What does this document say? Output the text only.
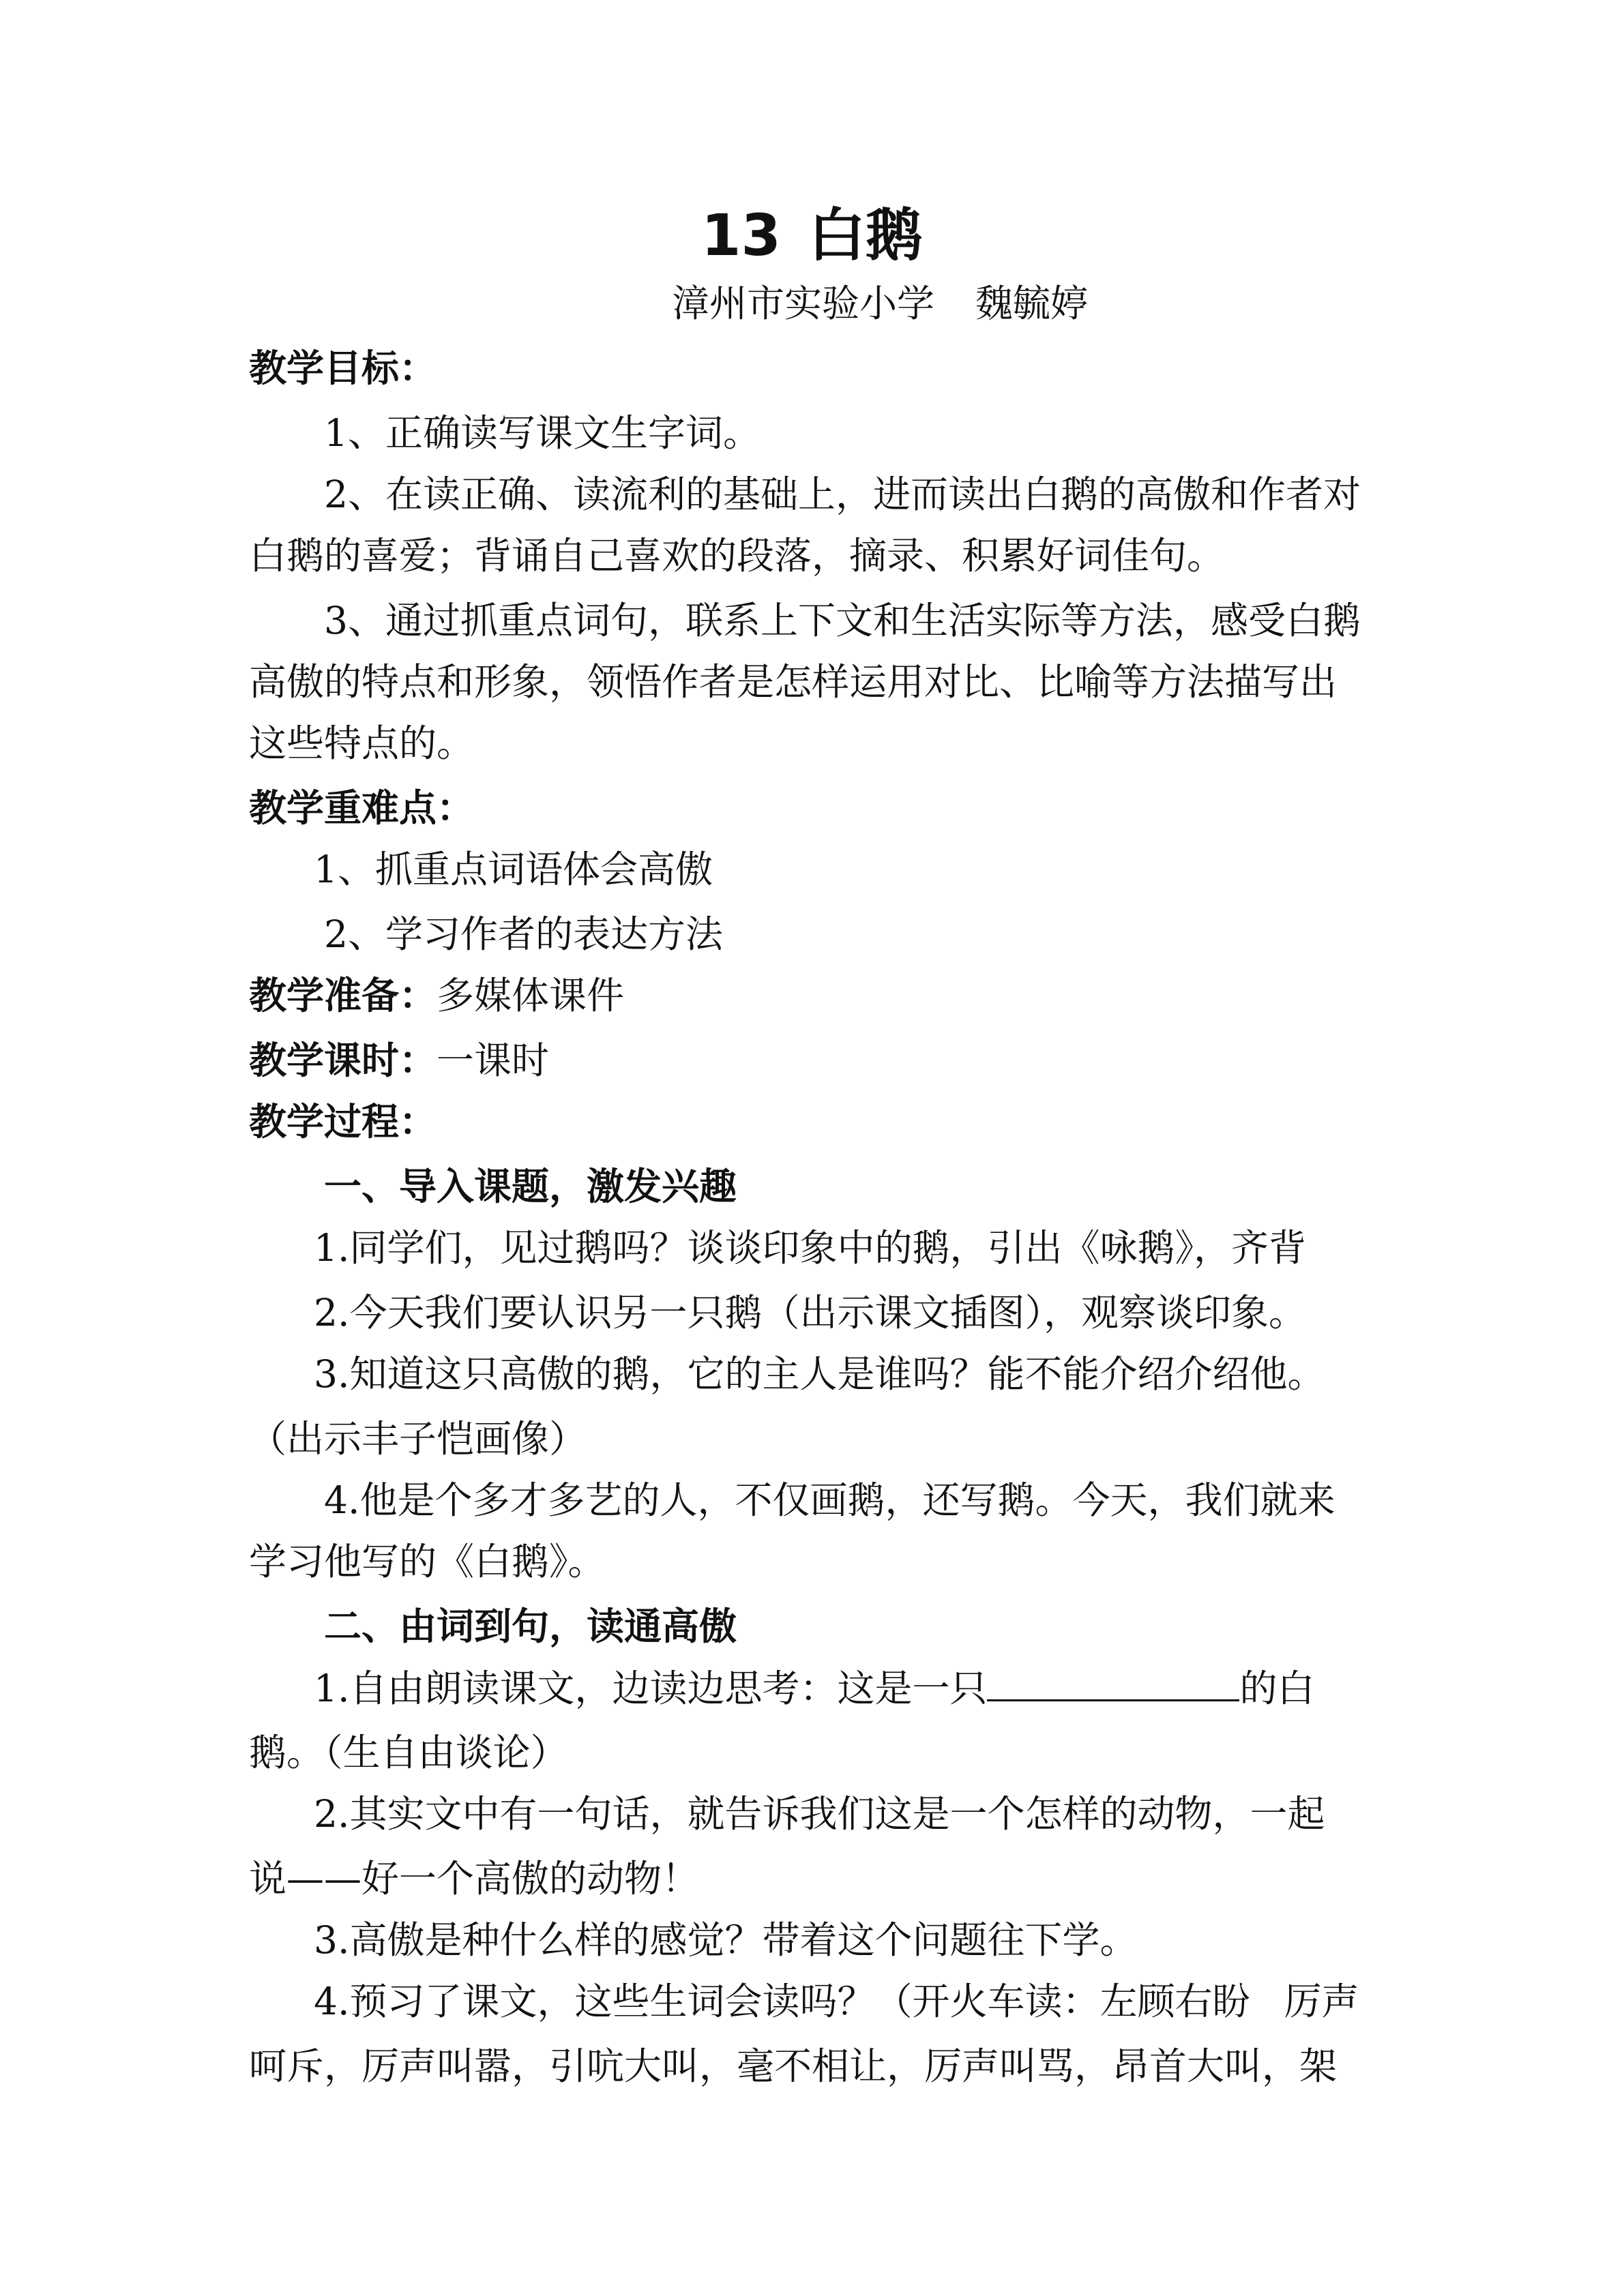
13 白鹅
漳州市实验小学 魏毓婷
教学目标：
1、正确读写课文生字词。
2、在读正确、读流利的基础上，进而读出白鹅的高傲和作者对
白鹅的喜爱；背诵自己喜欢的段落，摘录、积累好词佳句。
3、通过抓重点词句，联系上下文和生活实际等方法，感受白鹅
高傲的特点和形象，领悟作者是怎样运用对比、比喻等方法描写出
这些特点的。
教学重难点：
1、抓重点词语体会高傲
2、学习作者的表达方法
教学准备：多媒体课件
教学课时：一课时
教学过程：
一、导入课题，激发兴趣
1.同学们，见过鹅吗？谈谈印象中的鹅，引出《咏鹅》，齐背
2.今天我们要认识另一只鹅（出示课文插图），观察谈印象。
3.知道这只高傲的鹅，它的主人是谁吗？能不能介绍介绍他。
（出示丰子恺画像）
4.他是个多才多艺的人，不仅画鹅，还写鹅。今天，我们就来
学习他写的《白鹅》。
二、由词到句，读通高傲
1.自由朗读课文，边读边思考：这是一只	的白
鹅。（生自由谈论）
2.其实文中有一句话，就告诉我们这是一个怎样的动物，一起
说——好一个高傲的动物！
3.高傲是种什么样的感觉？带着这个问题往下学。
4.预习了课文，这些生词会读吗？（开火车读：左顾右盼 厉声
呵斥，厉声叫嚣，引吭大叫，毫不相让，厉声叫骂，昂首大叫，架
